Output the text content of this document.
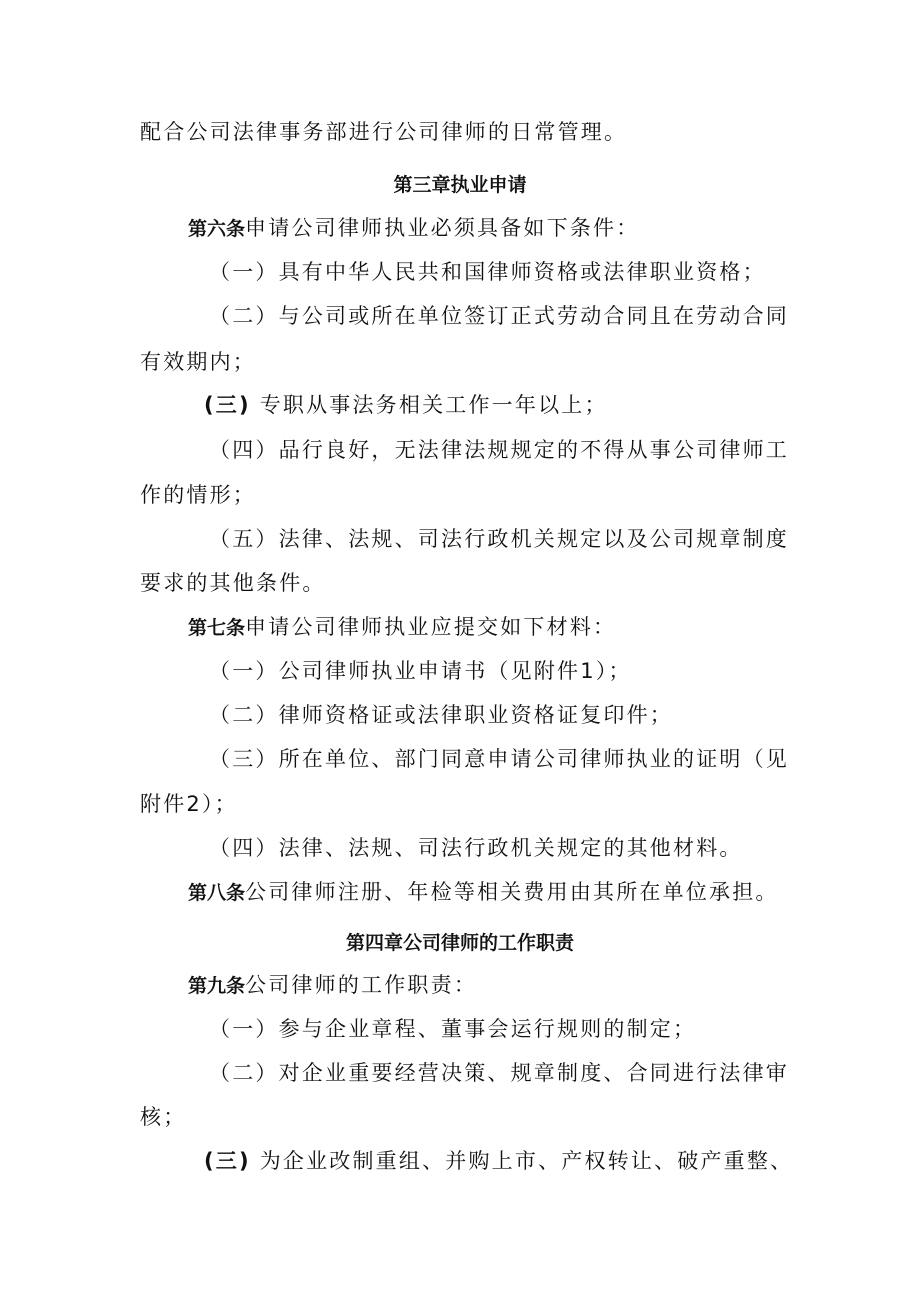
配合公司法律事务部进行公司律师的日常管理。
第三章执业申请
第六条申请公司律师执业必须具备如下条件：
（一）具有中华人民共和国律师资格或法律职业资格；
（二）与公司或所在单位签订正式劳动合同且在劳动合同
有效期内；
(三) 专职从事法务相关工作一年以上；
（四）品行良好，无法律法规规定的不得从事公司律师工
作的情形；
（五）法律、法规、司法行政机关规定以及公司规章制度
要求的其他条件。
第七条申请公司律师执业应提交如下材料：
（一）公司律师执业申请书（见附件1）；
（二）律师资格证或法律职业资格证复印件；
（三）所在单位、部门同意申请公司律师执业的证明（见
附件2）；
（四）法律、法规、司法行政机关规定的其他材料。
第八条公司律师注册、年检等相关费用由其所在单位承担。
第四章公司律师的工作职责
第九条公司律师的工作职责：
（一）参与企业章程、董事会运行规则的制定；
（二）对企业重要经营决策、规章制度、合同进行法律审
核；
(三) 为企业改制重组、并购上市、产权转让、破产重整、
